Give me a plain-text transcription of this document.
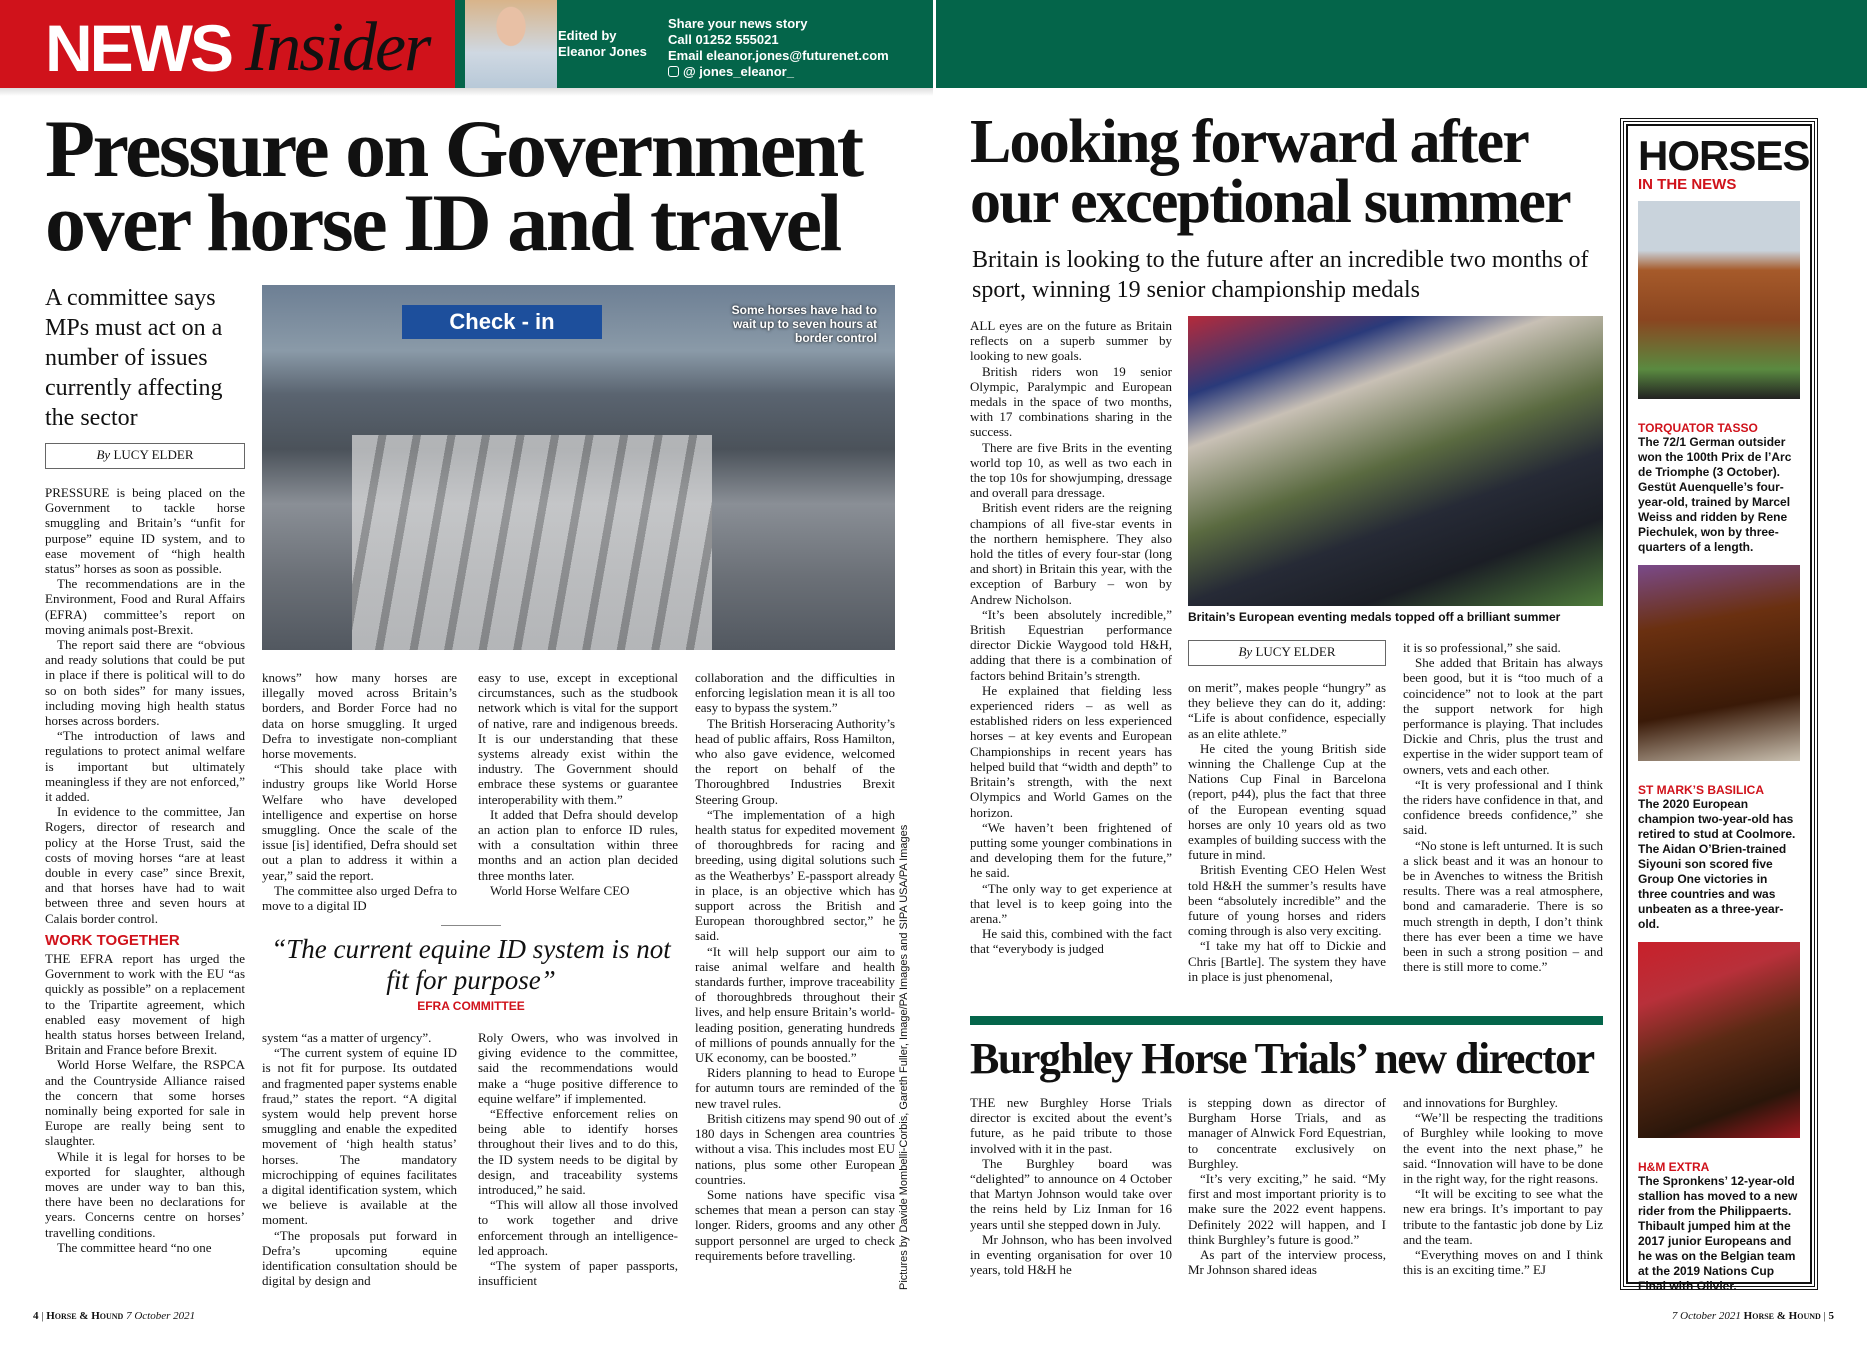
NEWS Insider	Edited by
Eleanor Jones
Share your news story
Call 01252 555021
Email eleanor.jones@futurenet.com
@ jones_eleanor_
Pressure on Government over horse ID and travel
A committee says MPs must act on a number of issues currently affecting the sector
By LUCY ELDER

PRESSURE is being placed on the Government to tackle horse smuggling and Britain’s “unfit for purpose” equine ID system, and to ease movement of “high health status” horses as soon as possible.

The recommendations are in the Environment, Food and Rural Affairs (EFRA) committee’s report on moving animals post-Brexit.

The report said there are “obvious and ready solutions that could be put in place if there is political will to do so on both sides” for many issues, including moving high health status horses across borders.

“The introduction of laws and regulations to protect animal welfare is important but ultimately meaningless if they are not enforced,” it added.

In evidence to the committee, Jan Rogers, director of research and policy at the Horse Trust, said the costs of moving horses “are at least double in every case” since Brexit, and that horses have had to wait between three and seven hours at Calais border control.

WORK TOGETHER

THE EFRA report has urged the Government to work with the EU “as quickly as possible” on a replacement to the Tripartite agreement, which enabled easy movement of high health status horses between Ireland, Britain and France before Brexit.

World Horse Welfare, the RSPCA and the Countryside Alliance raised the concern that some horses nominally being exported for sale in Europe are really being sent to slaughter.

While it is legal for horses to be exported for slaughter, although moves are under way to ban this, there have been no declarations for years. Concerns centre on horses’ travelling conditions.

The committee heard “no one

Check - in	Some horses have had to wait up to seven hours at border control

knows” how many horses are illegally moved across Britain’s borders, and Border Force had no data on horse smuggling. It urged Defra to investigate non-compliant horse movements.

“This should take place with industry groups like World Horse Welfare who have developed intelligence and expertise on horse smuggling. Once the scale of the issue [is] identified, Defra should set out a plan to address it within a year,” said the report.

The committee also urged Defra to move to a digital ID

easy to use, except in exceptional circumstances, such as the studbook network which is vital for the support of native, rare and indigenous breeds. It is our understanding that these systems already exist within the industry. The Government should embrace these systems or guarantee interoperability with them.”

It added that Defra should develop an action plan to enforce ID rules, with a consultation within three months and an action plan decided three months later.

World Horse Welfare CEO

collaboration and the difficulties in enforcing legislation mean it is all too easy to bypass the system.”

The British Horseracing Authority’s head of public affairs, Ross Hamilton, who also gave evidence, welcomed the report on behalf of the Thoroughbred Industries Brexit Steering Group.

“The implementation of a high health status for expedited movement of thoroughbreds for racing and breeding, using digital solutions such as the Weatherbys’ E-passport already in place, is an objective which has support across the British and European thoroughbred sector,” he said.

“It will help support our aim to raise animal welfare and health standards further, improve traceability of thoroughbreds throughout their lives, and help ensure Britain’s world-leading position, generating hundreds of millions of pounds annually for the UK economy, can be boosted.”

Riders planning to head to Europe for autumn tours are reminded of the new travel rules.

British citizens may spend 90 out of 180 days in Schengen area countries without a visa. This includes most EU nations, plus some other European countries.

Some nations have specific visa schemes that mean a person can stay longer. Riders, grooms and any other support personnel are urged to check requirements before travelling.

“The current equine ID system is not fit for purpose”
EFRA COMMITTEE

system “as a matter of urgency”.

“The current system of equine ID is not fit for purpose. Its outdated and fragmented paper systems enable fraud,” states the report. “A digital system would help prevent horse smuggling and enable the expedited movement of ‘high health status’ horses. The mandatory microchipping of equines facilitates a digital identification system, which we believe is available at the moment.

“The proposals put forward in Defra’s upcoming equine identification consultation should be digital by design and

Roly Owers, who was involved in giving evidence to the committee, said the recommendations would make a “huge positive difference to equine welfare” if implemented.

“Effective enforcement relies on being able to identify horses throughout their lives and to do this, the ID system needs to be digital by design, and traceability systems introduced,” he said.

“This will allow all those involved to work together and drive enforcement through an intelligence-led approach.

“The system of paper passports, insufficient	Pictures by Davide Mombelli-Corbis, Gareth Fuller, Image/PA Images and SIPA USA/PA Images
Looking forward after our exceptional summer
Britain is looking to the future after an incredible two months of sport, winning 19 senior championship medals

ALL eyes are on the future as Britain reflects on a superb summer by looking to new goals.

British riders won 19 senior Olympic, Paralympic and European medals in the space of two months, with 17 combinations sharing in the success.

There are five Brits in the eventing world top 10, as well as two each in the top 10s for showjumping, dressage and overall para dressage.

British event riders are the reigning champions of all five-star events in the northern hemisphere. They also hold the titles of every four-star (long and short) in Britain this year, with the exception of Barbury – won by Andrew Nicholson.

“It’s been absolutely incredible,” British Equestrian performance director Dickie Waygood told H&H, adding that there is a combination of factors behind Britain’s strength.

He explained that fielding less experienced riders – as well as established riders on less experienced horses – at key events and European Championships in recent years has helped build that “width and depth” to Britain’s strength, with the next Olympics and World Games on the horizon.

“We haven’t been frightened of putting some younger combinations in and developing them for the future,” he said.

“The only way to get experience at that level is to keep going into the arena.”

He said this, combined with the fact that “everybody is judged

Britain’s European eventing medals topped off a brilliant summer
By LUCY ELDER

on merit”, makes people “hungry” as they believe they can do it, adding: “Life is about confidence, especially as an elite athlete.”

He cited the young British side winning the Challenge Cup at the Nations Cup Final in Barcelona (report, p44), plus the fact that three of the European eventing squad horses are only 10 years old as two examples of building success with the future in mind.

British Eventing CEO Helen West told H&H the summer’s results have been “absolutely incredible” and the future of young horses and riders coming through is also very exciting.

“I take my hat off to Dickie and Chris [Bartle]. The system they have in place is just phenomenal,

it is so professional,” she said.

She added that Britain has always been good, but it is “too much of a coincidence” not to look at the part the support network for high performance is playing. That includes Dickie and Chris, plus the trust and expertise in the wider support team of owners, vets and each other.

“It is very professional and I think the riders have confidence in that, and confidence breeds confidence,” she said.

“No stone is left unturned. It is such a slick beast and it was an honour to be in Avenches to witness the British results. There was a real atmosphere, bond and camaraderie. There is so much strength in depth, I don’t think there has ever been a time we have been in such a strong position – and there is still more to come.”

Burghley Horse Trials’ new director

THE new Burghley Horse Trials director is excited about the event’s future, as he paid tribute to those involved with it in the past.

The Burghley board was “delighted” to announce on 4 October that Martyn Johnson would take over the reins held by Liz Inman for 16 years until she stepped down in July.

Mr Johnson, who has been involved in eventing organisation for over 10 years, told H&H he

is stepping down as director of Burgham Horse Trials, and as manager of Alnwick Ford Equestrian, to concentrate exclusively on Burghley.

“It’s very exciting,” he said. “My first and most important priority is to make sure the 2022 event happens. Definitely 2022 will happen, and I think Burghley’s future is good.”

As part of the interview process, Mr Johnson shared ideas

and innovations for Burghley.

“We’ll be respecting the traditions of Burghley while looking to move the event into the next phase,” he said. “Innovation will have to be done in the right way, for the right reasons.

“It will be exciting to see what the new era brings. It’s important to pay tribute to the fantastic job done by Liz and the team.

“Everything moves on and I think this is an exciting time.” EJ

HORSES
IN THE NEWS
TORQUATOR TASSO
The 72/1 German outsider won the 100th Prix de l’Arc de Triomphe (3 October). Gestüt Auenquelle’s four-year-old, trained by Marcel Weiss and ridden by Rene Piechulek, won by three-quarters of a length.
ST MARK’S BASILICA
The 2020 European champion two-year-old has retired to stud at Coolmore. The Aidan O’Brien-trained Siyouni son scored five Group One victories in three countries and was unbeaten as a three-year-old.
H&M EXTRA
The Spronkens’ 12-year-old stallion has moved to a new rider from the Philippaerts. Thibault jumped him at the 2017 junior Europeans and he was on the Belgian team at the 2019 Nations Cup Final with Olivier.
4 | Horse & Hound 7 October 2021	7 October 2021 Horse & Hound | 5
